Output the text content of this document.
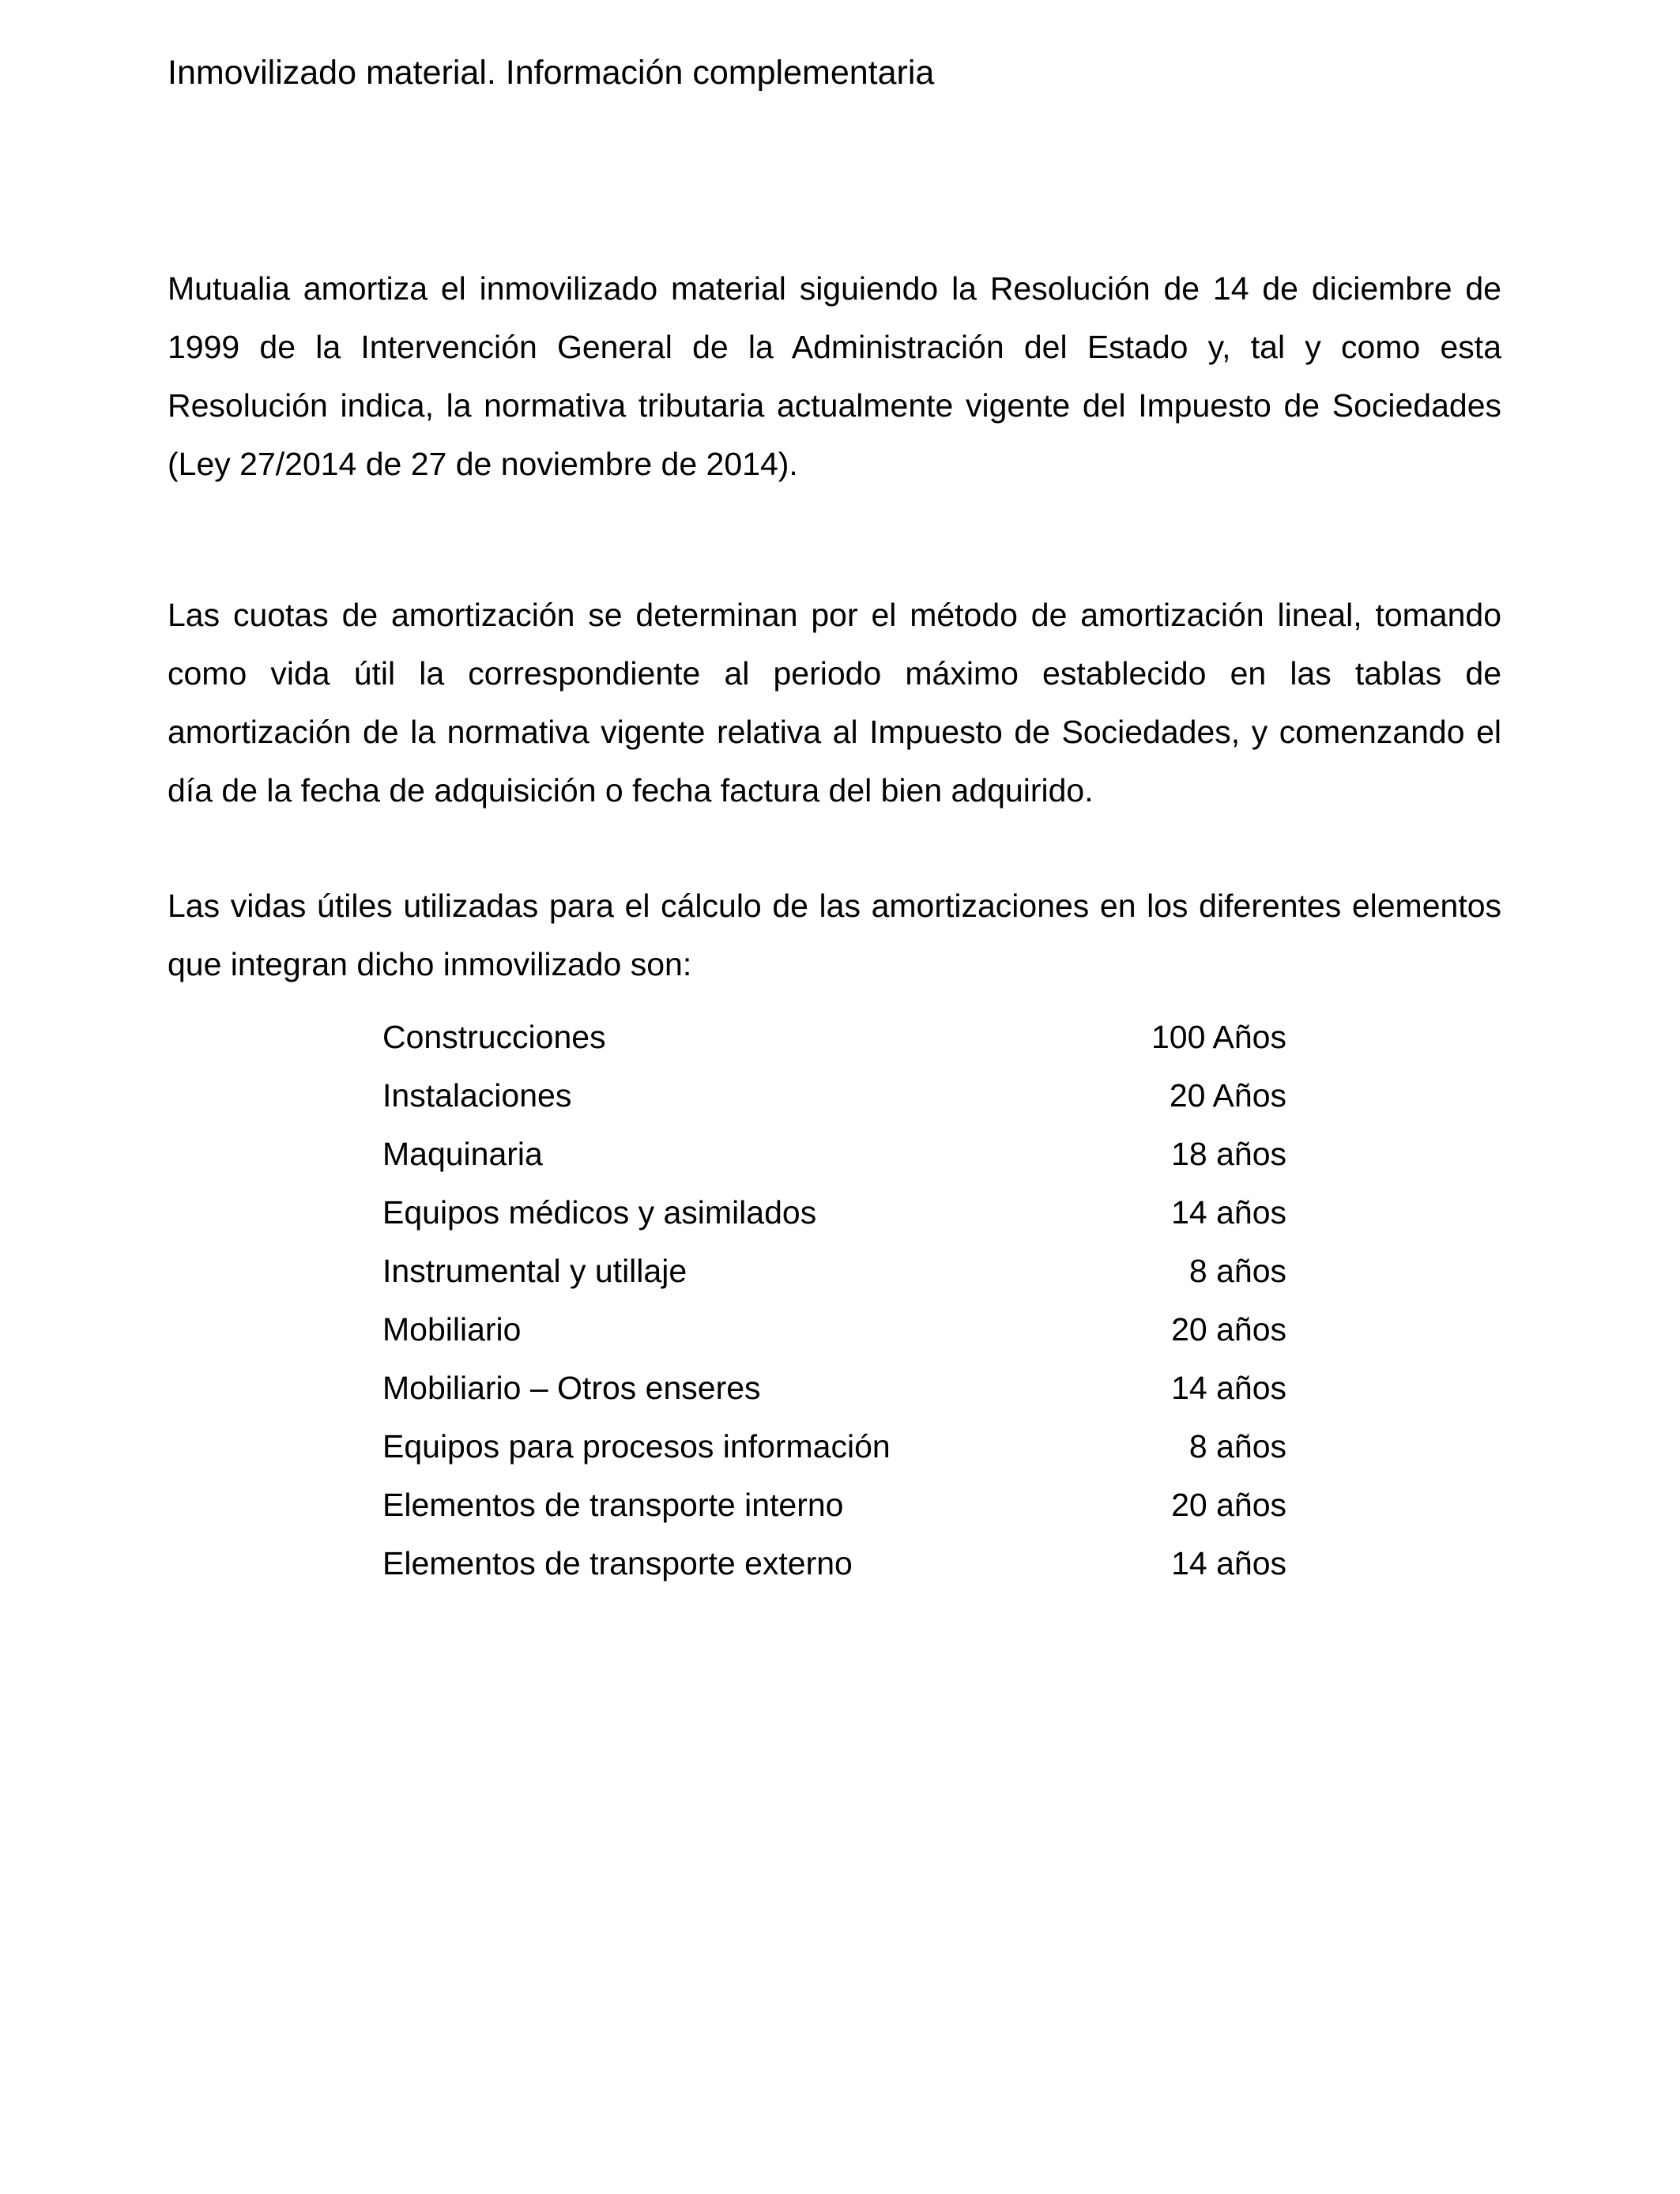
Inmovilizado material. Información complementaria

Mutualia amortiza el inmovilizado material siguiendo la Resolución de 14 de diciembre de 1999 de la Intervención General de la Administración del Estado y, tal y como esta Resolución indica, la normativa tributaria actualmente vigente del Impuesto de Sociedades (Ley 27/2014 de 27 de noviembre de 2014).

Las cuotas de amortización se determinan por el método de amortización lineal, tomando como vida útil la correspondiente al periodo máximo establecido en las tablas de amortización de la normativa vigente relativa al Impuesto de Sociedades, y comenzando el día de la fecha de adquisición o fecha factura del bien adquirido.

Las vidas útiles utilizadas para el cálculo de las amortizaciones en los diferentes elementos que integran dicho inmovilizado son:

Construcciones	100 Años
Instalaciones	20 Años
Maquinaria	18 años
Equipos médicos y asimilados	14 años
Instrumental y utillaje	8 años
Mobiliario	20 años
Mobiliario – Otros enseres	14 años
Equipos para procesos información	8 años
Elementos de transporte interno	20 años
Elementos de transporte externo	14 años
